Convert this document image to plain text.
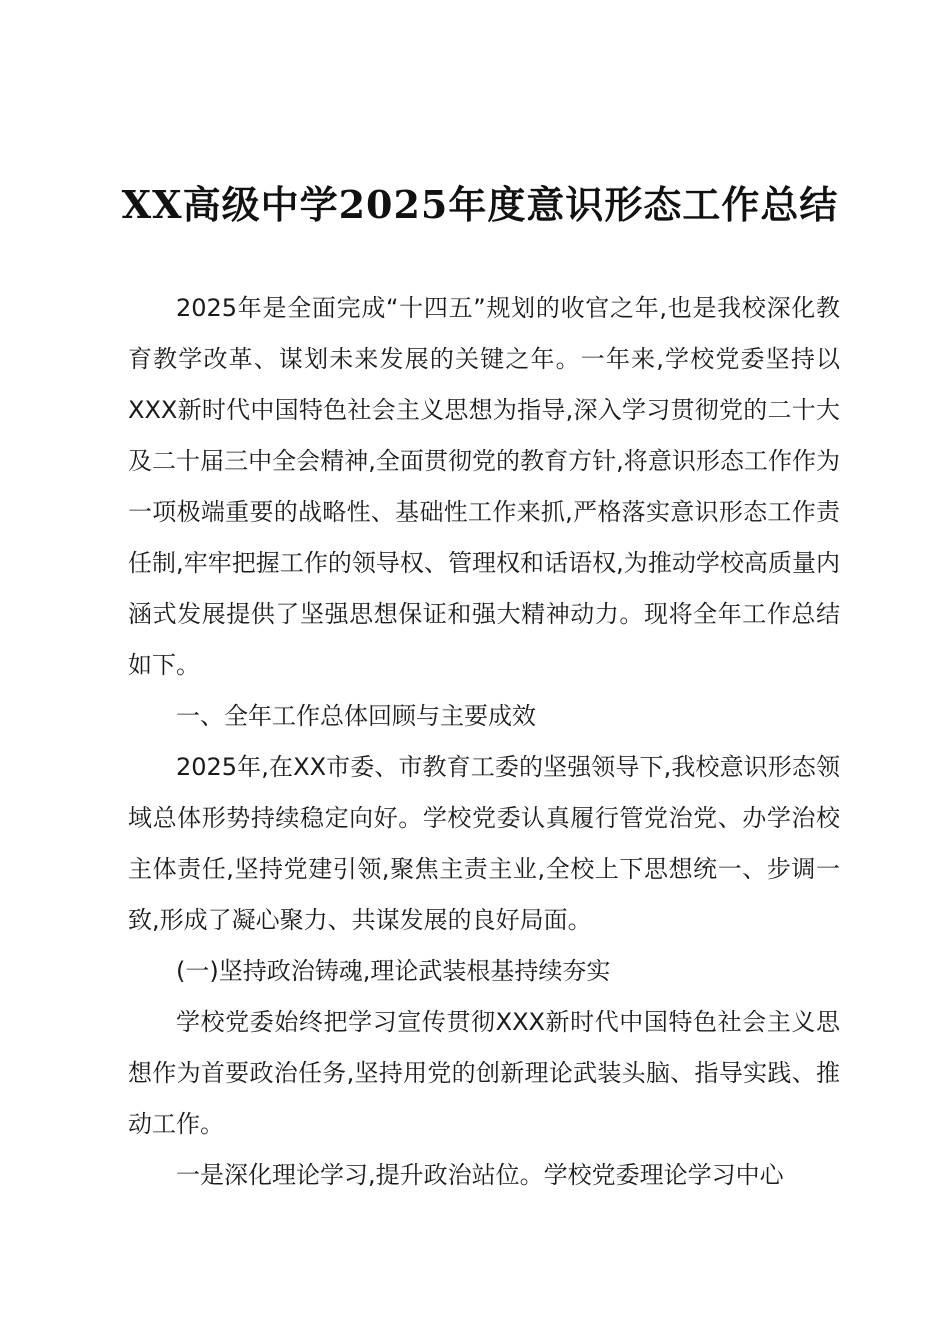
XX高级中学2025年度意识形态工作总结

2025年是全面完成“十四五”规划的收官之年,也是我校深化教育教学改革、谋划未来发展的关键之年。一年来,学校党委坚持以XXX新时代中国特色社会主义思想为指导,深入学习贯彻党的二十大及二十届三中全会精神,全面贯彻党的教育方针,将意识形态工作作为一项极端重要的战略性、基础性工作来抓,严格落实意识形态工作责任制,牢牢把握工作的领导权、管理权和话语权,为推动学校高质量内涵式发展提供了坚强思想保证和强大精神动力。现将全年工作总结如下。

一、全年工作总体回顾与主要成效

2025年,在XX市委、市教育工委的坚强领导下,我校意识形态领域总体形势持续稳定向好。学校党委认真履行管党治党、办学治校主体责任,坚持党建引领,聚焦主责主业,全校上下思想统一、步调一致,形成了凝心聚力、共谋发展的良好局面。

(一)坚持政治铸魂,理论武装根基持续夯实

学校党委始终把学习宣传贯彻XXX新时代中国特色社会主义思想作为首要政治任务,坚持用党的创新理论武装头脑、指导实践、推动工作。

一是深化理论学习,提升政治站位。学校党委理论学习中心
